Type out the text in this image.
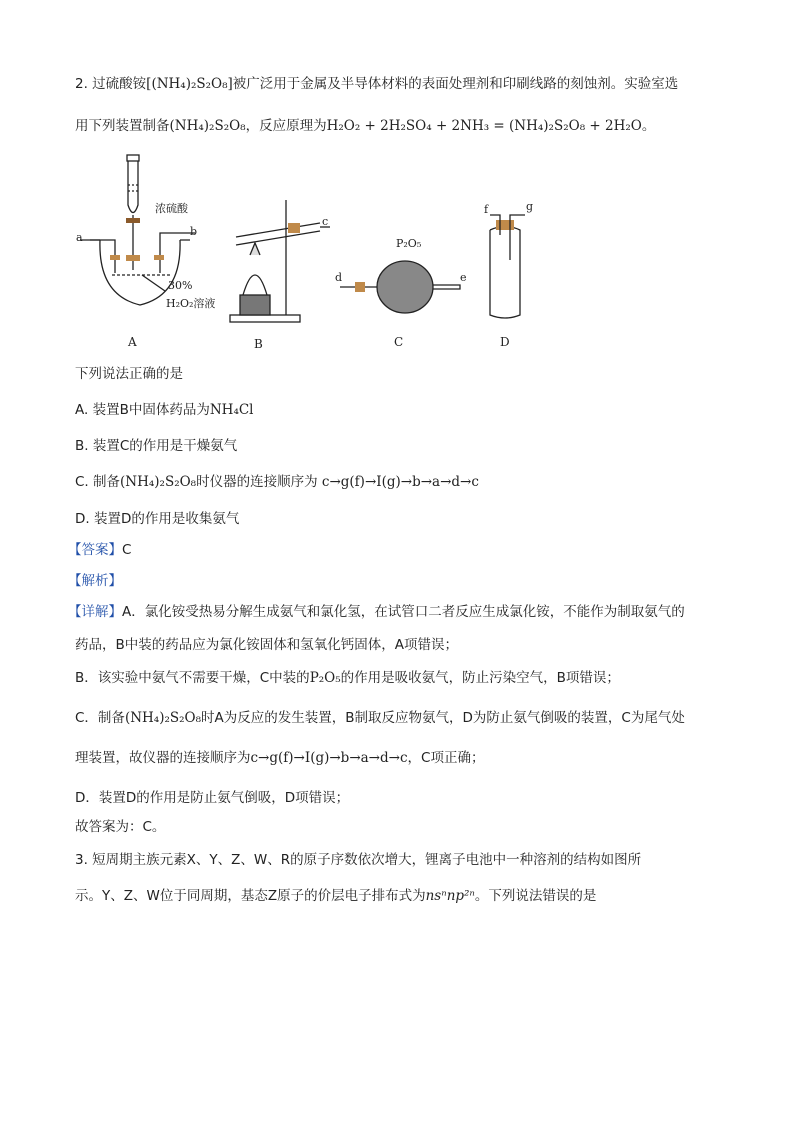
2. 过硫酸铵[(NH₄)₂S₂O₈]被广泛用于金属及半导体材料的表面处理剂和印刷线路的刻蚀剂。实验室选
用下列装置制备(NH₄)₂S₂O₈，反应原理为H₂O₂ + 2H₂SO₄ + 2NH₃ = (NH₄)₂S₂O₈ + 2H₂O。
浓硫酸
a	b
c
d	e
f	g
P₂O₅
30%
H₂O₂溶液
A	B	C	D
下列说法正确的是
A. 装置B中固体药品为NH₄Cl
B. 装置C的作用是干燥氨气
C. 制备(NH₄)₂S₂O₈时仪器的连接顺序为 c→g(f)→I(g)→b→a→d→c
D. 装置D的作用是收集氨气
【答案】C
【解析】
【详解】A．氯化铵受热易分解生成氨气和氯化氢，在试管口二者反应生成氯化铵，不能作为制取氨气的
药品，B中装的药品应为氯化铵固体和氢氧化钙固体，A项错误；
B．该实验中氨气不需要干燥，C中装的P₂O₅的作用是吸收氨气，防止污染空气，B项错误；
C．制备(NH₄)₂S₂O₈时A为反应的发生装置，B制取反应物氨气，D为防止氨气倒吸的装置，C为尾气处
理装置，故仪器的连接顺序为c→g(f)→I(g)→b→a→d→c，C项正确；
D．装置D的作用是防止氨气倒吸，D项错误；
故答案为：C。
3. 短周期主族元素X、Y、Z、W、R的原子序数依次增大，锂离子电池中一种溶剂的结构如图所
示。Y、Z、W位于同周期，基态Z原子的价层电子排布式为nsⁿnp²ⁿ。下列说法错误的是
